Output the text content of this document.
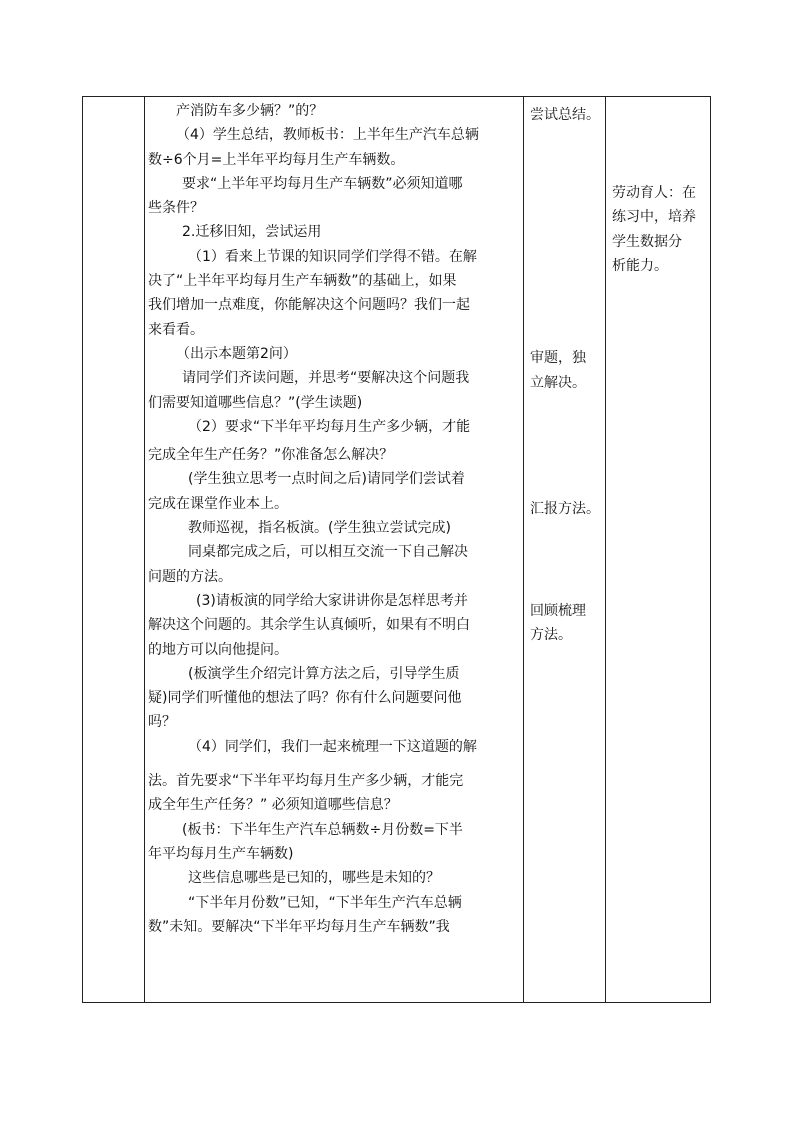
产消防车多少辆？”的？
（4）学生总结，教师板书：上半年生产汽车总辆
数÷6个月=上半年平均每月生产车辆数。
要求“上半年平均每月生产车辆数”必须知道哪
些条件？
2.迁移旧知，尝试运用
（1）看来上节课的知识同学们学得不错。在解
决了“上半年平均每月生产车辆数”的基础上，如果
我们增加一点难度，你能解决这个问题吗？我们一起
来看看。
（出示本题第2问）
请同学们齐读问题，并思考“要解决这个问题我
们需要知道哪些信息？”(学生读题)
（2）要求“下半年平均每月生产多少辆，才能
完成全年生产任务？”你准备怎么解决？
(学生独立思考一点时间之后)请同学们尝试着
完成在课堂作业本上。
教师巡视，指名板演。(学生独立尝试完成)
同桌都完成之后，可以相互交流一下自己解决
问题的方法。
(3)请板演的同学给大家讲讲你是怎样思考并
解决这个问题的。其余学生认真倾听，如果有不明白
的地方可以向他提问。
(板演学生介绍完计算方法之后，引导学生质
疑)同学们听懂他的想法了吗？你有什么问题要问他
吗？
（4）同学们，我们一起来梳理一下这道题的解
法。首先要求“下半年平均每月生产多少辆，才能完
成全年生产任务？” 必须知道哪些信息？
(板书：下半年生产汽车总辆数÷月份数=下半
年平均每月生产车辆数)
这些信息哪些是已知的，哪些是未知的？
“下半年月份数”已知，“下半年生产汽车总辆
数”未知。要解决“下半年平均每月生产车辆数”我
尝试总结。
审题，独
立解决。
汇报方法。
回顾梳理
方法。
劳动育人：在
练习中，培养
学生数据分
析能力。
